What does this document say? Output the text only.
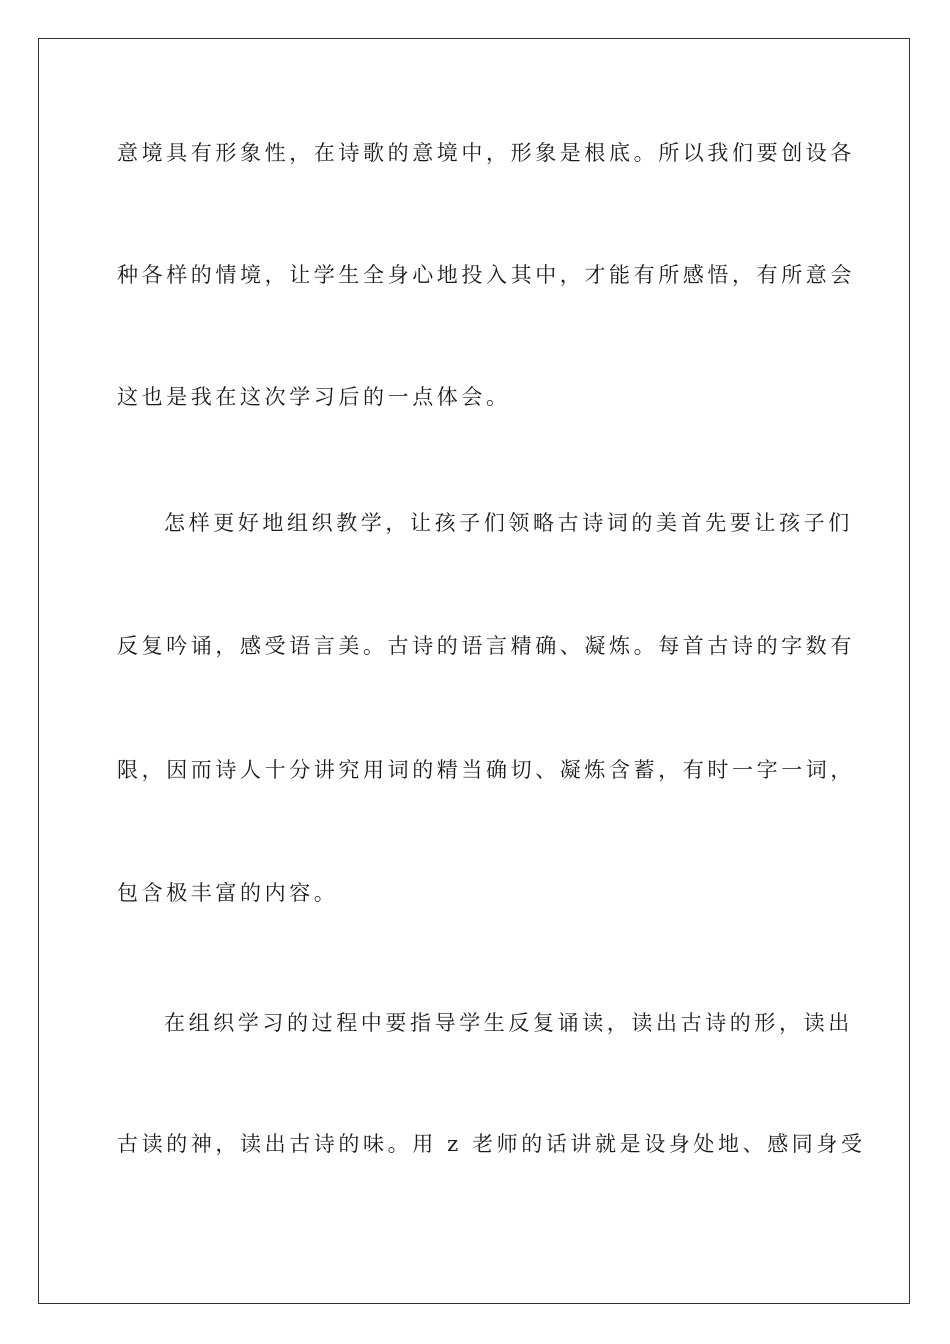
意境具有形象性，在诗歌的意境中，形象是根底。所以我们要创设各
种各样的情境，让学生全身心地投入其中，才能有所感悟，有所意会
这也是我在这次学习后的一点体会。
怎样更好地组织教学，让孩子们领略古诗词的美首先要让孩子们
反复吟诵，感受语言美。古诗的语言精确、凝炼。每首古诗的字数有
限，因而诗人十分讲究用词的精当确切、凝炼含蓄，有时一字一词，
包含极丰富的内容。
在组织学习的过程中要指导学生反复诵读，读出古诗的形，读出
古读的神，读出古诗的味。用 z 老师的话讲就是设身处地、感同身受
